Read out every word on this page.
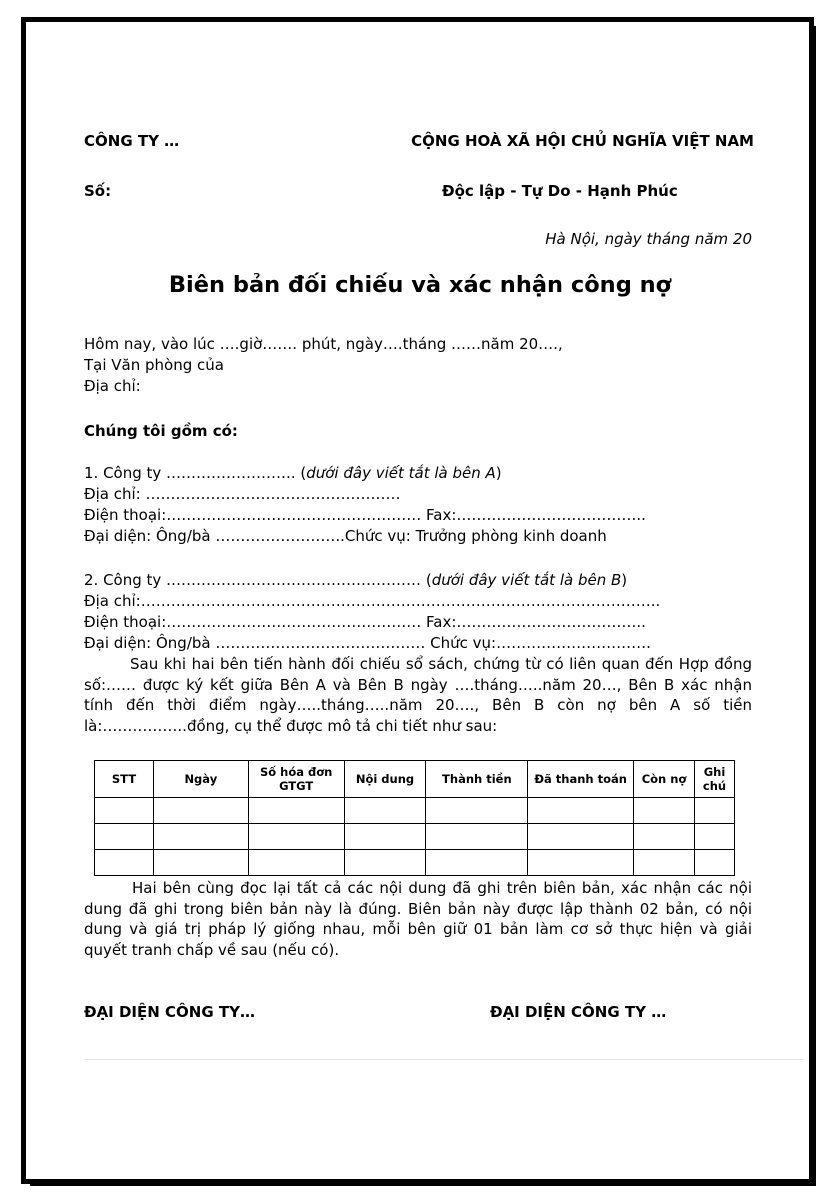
CÔNG TY …	CỘNG HOÀ XÃ HỘI CHỦ NGHĨA VIỆT NAM
Số:	Độc lập - Tự Do - Hạnh Phúc
Hà Nội, ngày tháng năm 20
Biên bản đối chiếu và xác nhận công nợ
Hôm nay, vào lúc ….giờ……. phút, ngày….tháng ……năm 20….,
Tại Văn phòng của
Địa chỉ:
Chúng tôi gồm có:
1. Công ty …………………….. (dưới đây viết tắt là bên A)
Địa chỉ: ……………………………………………
Điện thoại:…………………………………………… Fax:………………………………..
Đại diện: Ông/bà ……………………..Chức vụ: Trưởng phòng kinh doanh
2. Công ty …………………………………………… (dưới đây viết tắt là bên B)
Địa chỉ:…………………………………………………………………………………………..
Điện thoại:…………………………………………… Fax:………………………………..
Đại diện: Ông/bà …………………………………… Chức vụ:………………………….
Sau khi hai bên tiến hành đối chiếu sổ sách, chứng từ có liên quan đến Hợp đồng số:…… được ký kết giữa Bên A và Bên B ngày ….tháng…..năm 20…, Bên B xác nhận tính đến thời điểm ngày…..tháng…..năm 20…., Bên B còn nợ bên A số tiền là:……………..đồng, cụ thể được mô tả chi tiết như sau:
STT	Ngày	Số hóa đơn GTGT	Nội dung	Thành tiền	Đã thanh toán	Còn nợ	Ghi chú

Hai bên cùng đọc lại tất cả các nội dung đã ghi trên biên bản, xác nhận các nội dung đã ghi trong biên bản này là đúng. Biên bản này được lập thành 02 bản, có nội dung và giá trị pháp lý giống nhau, mỗi bên giữ 01 bản làm cơ sở thực hiện và giải quyết tranh chấp về sau (nếu có).
ĐẠI DIỆN CÔNG TY…	ĐẠI DIỆN CÔNG TY …
